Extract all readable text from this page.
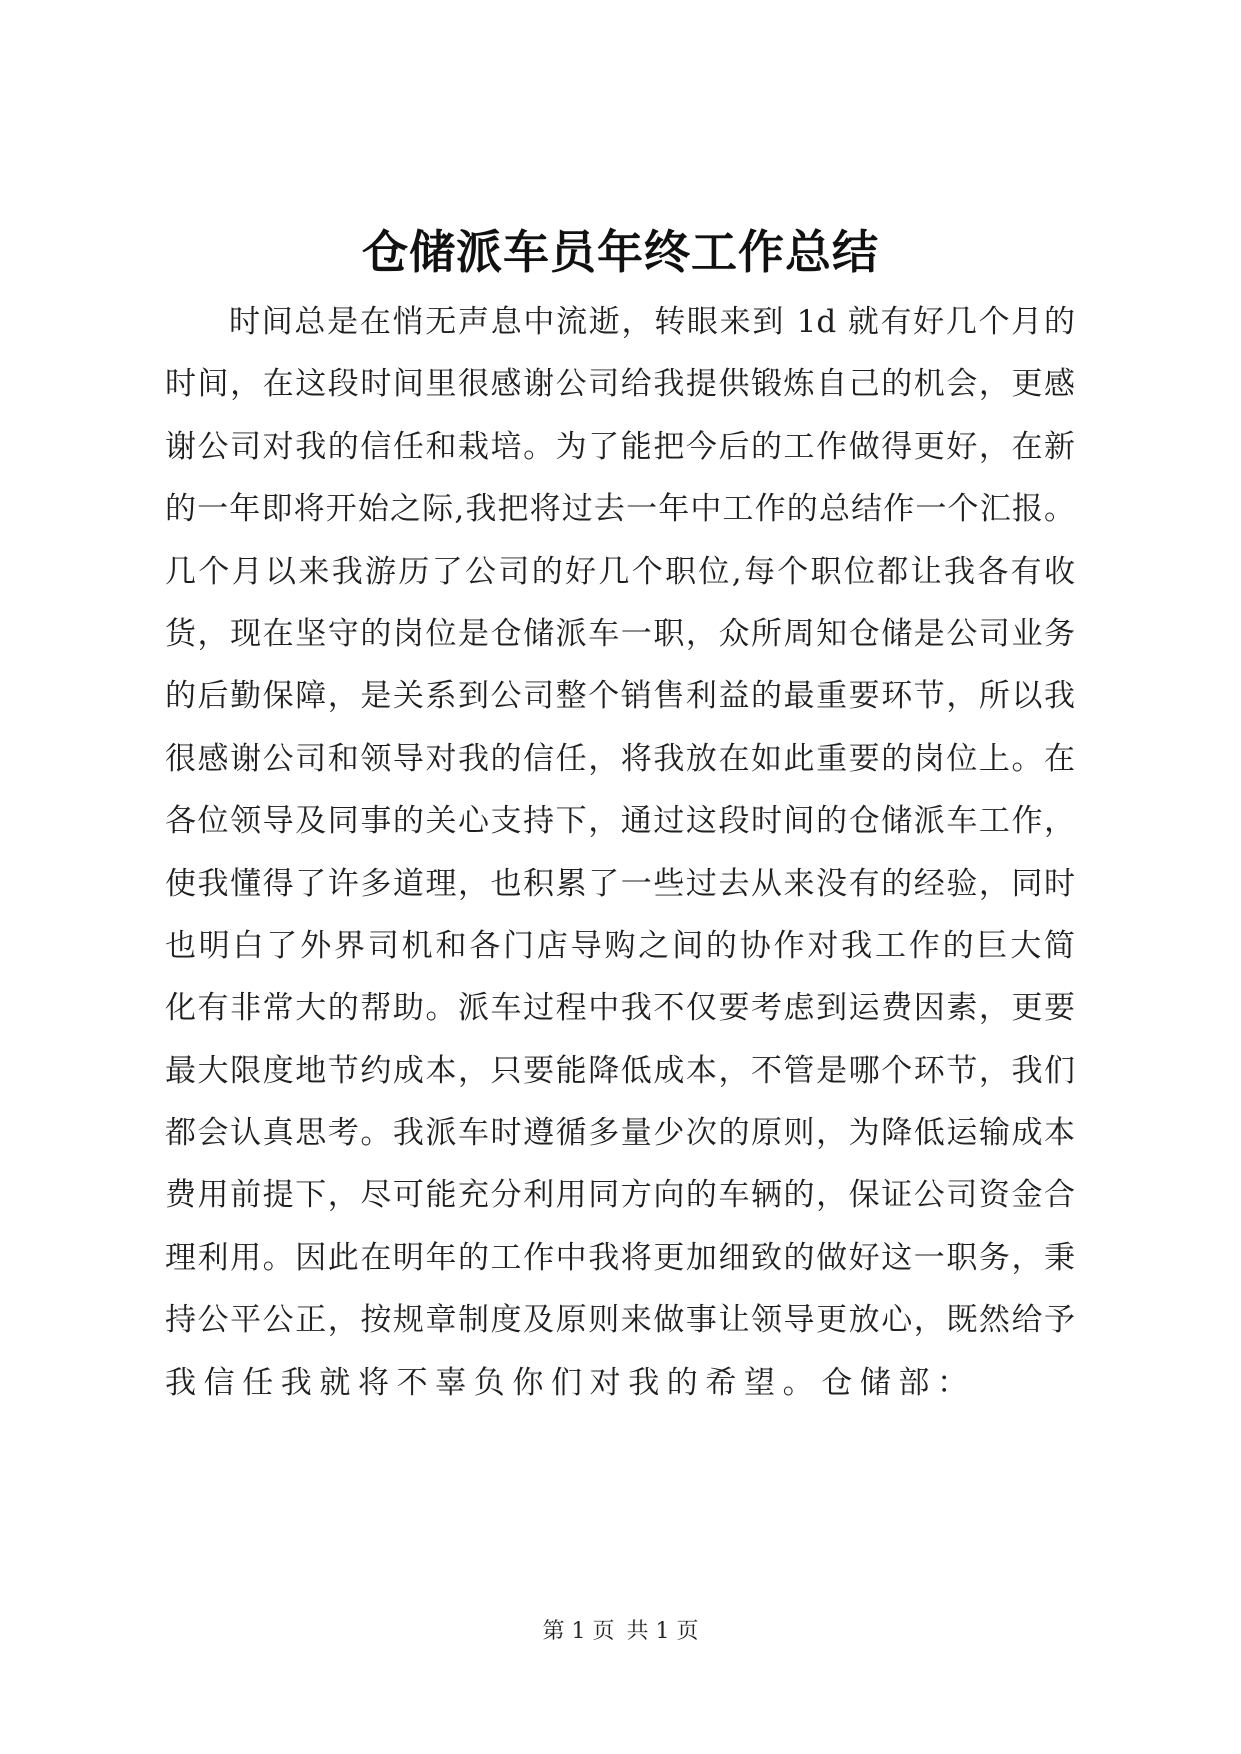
仓储派车员年终工作总结
时间总是在悄无声息中流逝，转眼来到 1d 就有好几个月的
时间，在这段时间里很感谢公司给我提供锻炼自己的机会，更感
谢公司对我的信任和栽培。为了能把今后的工作做得更好，在新
的一年即将开始之际,我把将过去一年中工作的总结作一个汇报。
几个月以来我游历了公司的好几个职位,每个职位都让我各有收
货，现在坚守的岗位是仓储派车一职，众所周知仓储是公司业务
的后勤保障，是关系到公司整个销售利益的最重要环节，所以我
很感谢公司和领导对我的信任，将我放在如此重要的岗位上。在
各位领导及同事的关心支持下，通过这段时间的仓储派车工作，
使我懂得了许多道理，也积累了一些过去从来没有的经验，同时
也明白了外界司机和各门店导购之间的协作对我工作的巨大简
化有非常大的帮助。派车过程中我不仅要考虑到运费因素，更要
最大限度地节约成本，只要能降低成本，不管是哪个环节，我们
都会认真思考。我派车时遵循多量少次的原则，为降低运输成本
费用前提下，尽可能充分利用同方向的车辆的，保证公司资金合
理利用。因此在明年的工作中我将更加细致的做好这一职务，秉
持公平公正，按规章制度及原则来做事让领导更放心，既然给予
我信任我就将不辜负你们对我的希望。仓储部：
第 1 页 共 1 页
